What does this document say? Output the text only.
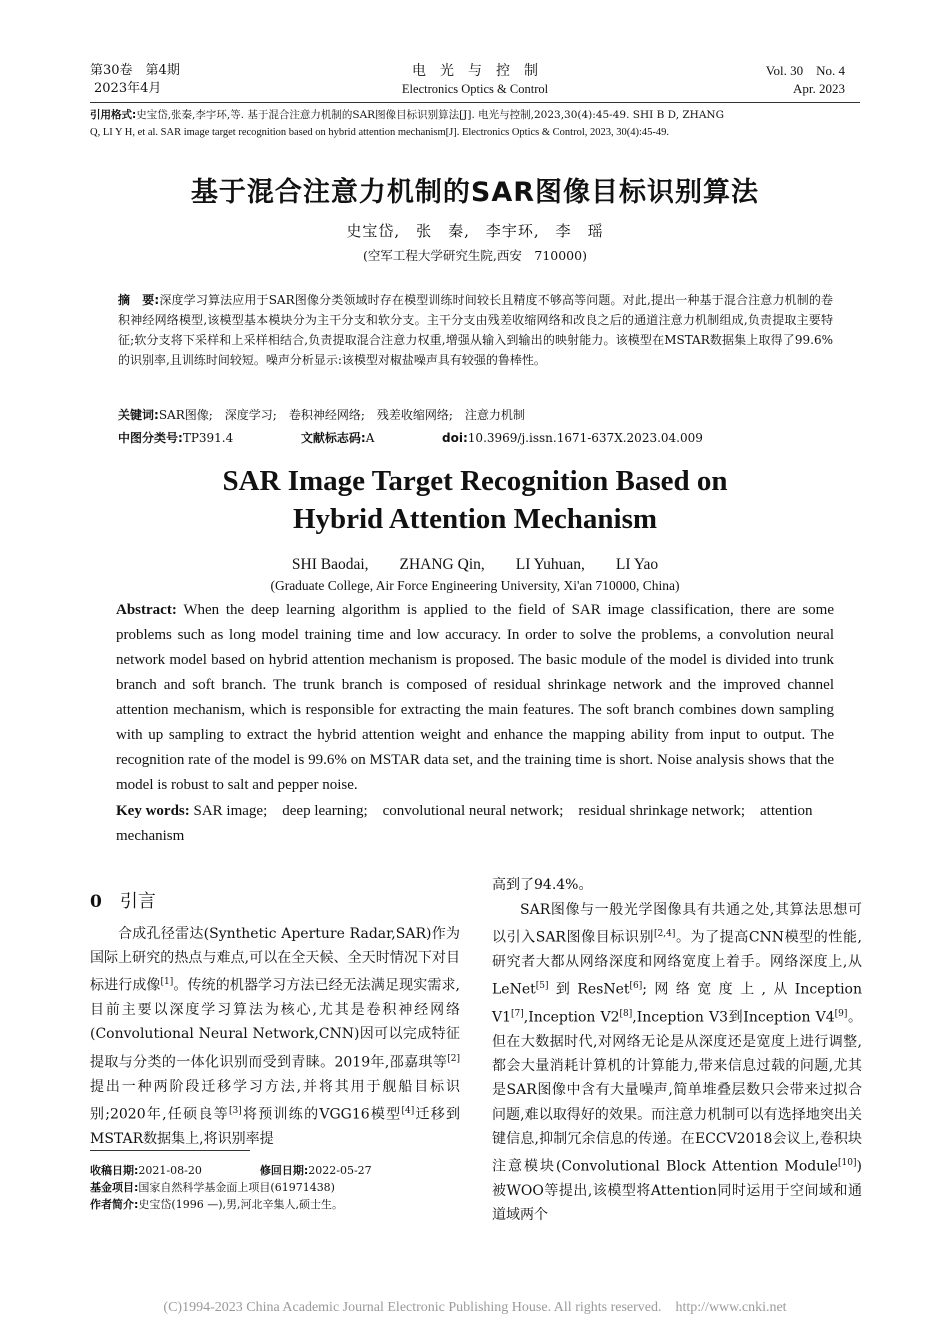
第30卷　第4期
2023年4月
电　光　与　控　制
Electronics Optics & Control
Vol. 30　No. 4
Apr. 2023
引用格式:史宝岱,张秦,李宇环,等. 基于混合注意力机制的SAR图像目标识别算法[J]. 电光与控制,2023,30(4):45-49. SHI B D, ZHANG
Q, LI Y H, et al. SAR image target recognition based on hybrid attention mechanism[J]. Electronics Optics & Control, 2023, 30(4):45-49.
基于混合注意力机制的SAR图像目标识别算法
史宝岱,　张　秦,　李宇环,　李　瑶
(空军工程大学研究生院,西安　710000)
摘　要:深度学习算法应用于SAR图像分类领域时存在模型训练时间较长且精度不够高等问题。对此,提出一种基于混合注意力机制的卷积神经网络模型,该模型基本模块分为主干分支和软分支。主干分支由残差收缩网络和改良之后的通道注意力机制组成,负责提取主要特征;软分支将下采样和上采样相结合,负责提取混合注意力权重,增强从输入到输出的映射能力。该模型在MSTAR数据集上取得了99.6%的识别率,且训练时间较短。噪声分析显示:该模型对椒盐噪声具有较强的鲁棒性。
关键词:SAR图像;　深度学习;　卷积神经网络;　残差收缩网络;　注意力机制
中图分类号:TP391.4	文献标志码:A	doi:10.3969/j.issn.1671-637X.2023.04.009
SAR Image Target Recognition Based on
Hybrid Attention Mechanism
SHI Baodai,　　ZHANG Qin,　　LI Yuhuan,　　LI Yao
(Graduate College, Air Force Engineering University, Xi'an 710000, China)
Abstract: When the deep learning algorithm is applied to the field of SAR image classification, there are some problems such as long model training time and low accuracy. In order to solve the problems, a convolution neural network model based on hybrid attention mechanism is proposed. The basic module of the model is divided into trunk branch and soft branch. The trunk branch is composed of residual shrinkage network and the improved channel attention mechanism, which is responsible for extracting the main features. The soft branch combines down sampling with up sampling to extract the hybrid attention weight and enhance the mapping ability from input to output. The recognition rate of the model is 99.6% on MSTAR data set, and the training time is short. Noise analysis shows that the model is robust to salt and pepper noise.
Key words: SAR image;　deep learning;　convolutional neural network;　residual shrinkage network;　attention mechanism
0 引言
合成孔径雷达(Synthetic Aperture Radar,SAR)作为国际上研究的热点与难点,可以在全天候、全天时情况下对目标进行成像[1]。传统的机器学习方法已经无法满足现实需求,目前主要以深度学习算法为核心,尤其是卷积神经网络(Convolutional Neural Network,CNN)因可以完成特征提取与分类的一体化识别而受到青睐。2019年,邵嘉琪等[2]提出一种两阶段迁移学习方法,并将其用于舰船目标识别;2020年,任硕良等[3]将预训练的VGG16模型[4]迁移到MSTAR数据集上,将识别率提
收稿日期:2021-08-20	修回日期:2022-05-27
基金项目:国家自然科学基金面上项目(61971438)
作者简介:史宝岱(1996 —),男,河北辛集人,硕士生。
高到了94.4%。
SAR图像与一般光学图像具有共通之处,其算法思想可以引入SAR图像目标识别[2,4]。为了提高CNN模型的性能,研究者大都从网络深度和网络宽度上着手。网络深度上,从LeNet[5]到ResNet[6];网络宽度上,从Inception V1[7],Inception V2[8],Inception V3到Inception V4[9]。但在大数据时代,对网络无论是从深度还是宽度上进行调整,都会大量消耗计算机的计算能力,带来信息过载的问题,尤其是SAR图像中含有大量噪声,简单堆叠层数只会带来过拟合问题,难以取得好的效果。而注意力机制可以有选择地突出关键信息,抑制冗余信息的传递。在ECCV2018会议上,卷积块注意模块(Convolutional Block Attention Module[10])被WOO等提出,该模型将Attention同时运用于空间域和通道域两个
(C)1994-2023 China Academic Journal Electronic Publishing House. All rights reserved.　http://www.cnki.net
